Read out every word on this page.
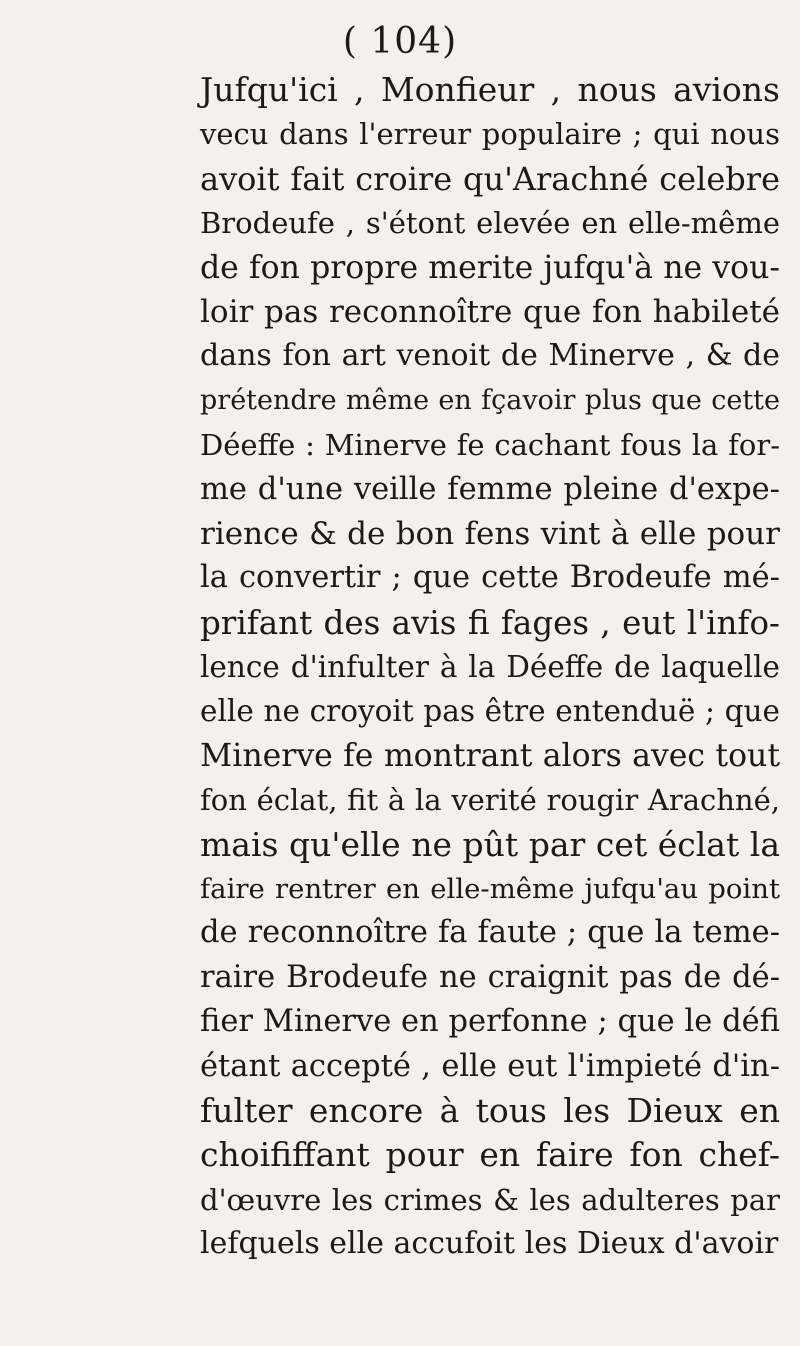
( 104)
Jufqu'ici , Monfieur , nous avions
vecu dans l'erreur populaire ; qui nous
avoit fait croire qu'Arachné celebre
Brodeufe , s'étont elevée en elle-même
de fon propre merite jufqu'à ne vou-
loir pas reconnoître que fon habileté
dans fon art venoit de Minerve , & de
prétendre même en fçavoir plus que cette
Déeffe : Minerve fe cachant fous la for-
me d'une veille femme pleine d'expe-
rience & de bon fens vint à elle pour
la convertir ; que cette Brodeufe mé-
prifant des avis fi fages , eut l'info-
lence d'infulter à la Déeffe de laquelle
elle ne croyoit pas être entenduë ; que
Minerve fe montrant alors avec tout
fon éclat, fit à la verité rougir Arachné,
mais qu'elle ne pût par cet éclat la
faire rentrer en elle-même jufqu'au point
de reconnoître fa faute ; que la teme-
raire Brodeufe ne craignit pas de dé-
fier Minerve en perfonne ; que le défi
étant accepté , elle eut l'impieté d'in-
fulter encore à tous les Dieux en
choififfant pour en faire fon chef-
d'œuvre les crimes & les adulteres par
lefquels elle accufoit les Dieux d'avoir
